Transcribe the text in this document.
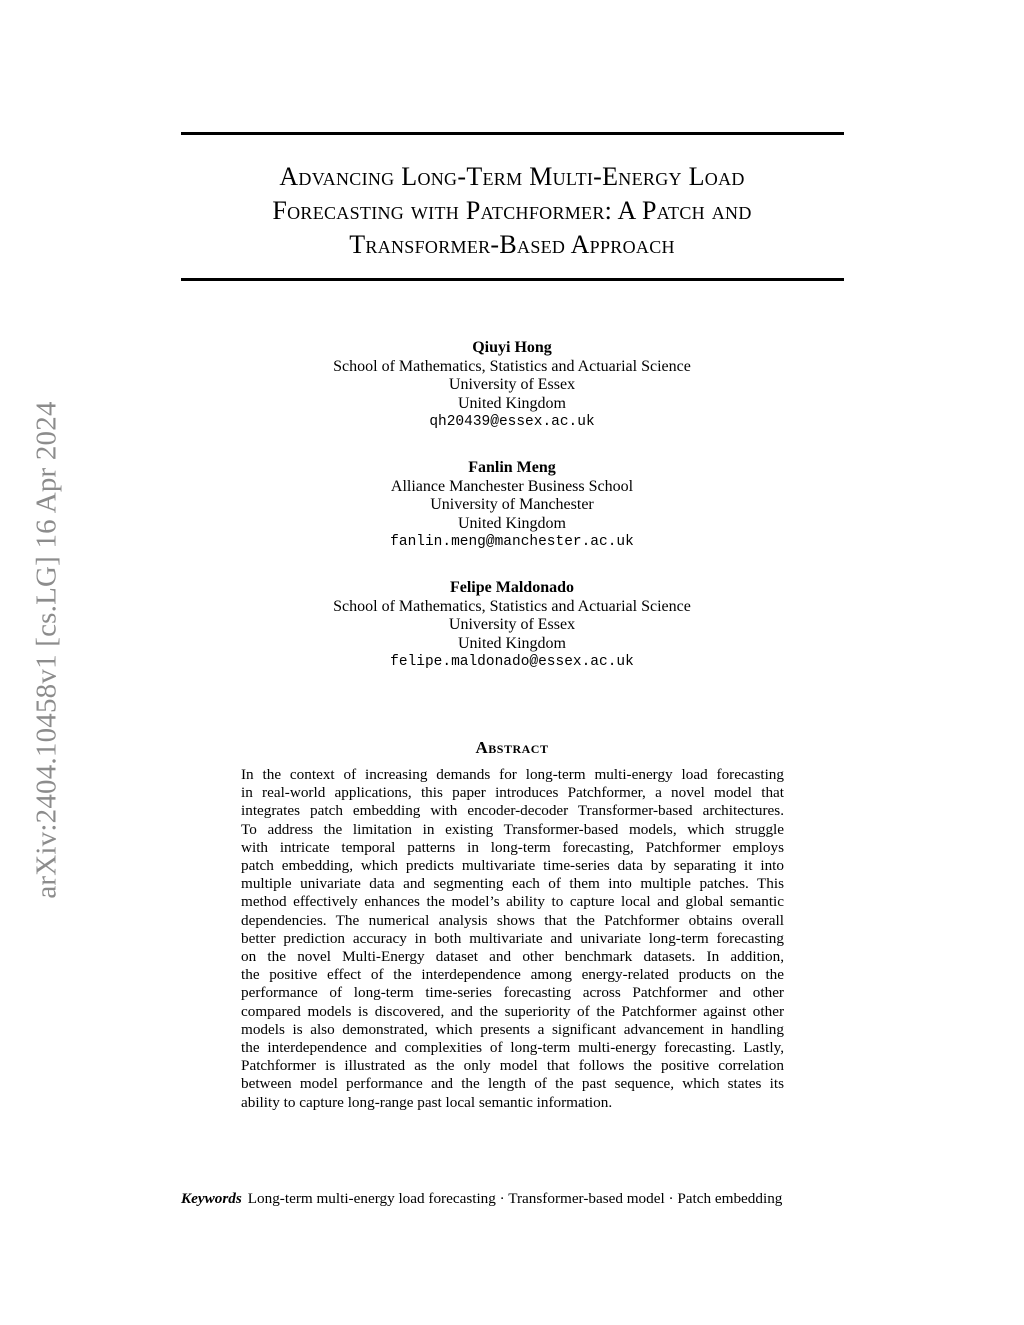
arXiv:2404.10458v1 [cs.LG] 16 Apr 2024
Advancing Long-Term Multi-Energy Load
Forecasting with Patchformer: A Patch and
Transformer-Based Approach
Qiuyi Hong
School of Mathematics, Statistics and Actuarial Science
University of Essex
United Kingdom
qh20439@essex.ac.uk
Fanlin Meng
Alliance Manchester Business School
University of Manchester
United Kingdom
fanlin.meng@manchester.ac.uk
Felipe Maldonado
School of Mathematics, Statistics and Actuarial Science
University of Essex
United Kingdom
felipe.maldonado@essex.ac.uk
Abstract
In the context of increasing demands for long-term multi-energy load forecasting
in real-world applications, this paper introduces Patchformer, a novel model that
integrates patch embedding with encoder-decoder Transformer-based architectures.
To address the limitation in existing Transformer-based models, which struggle
with intricate temporal patterns in long-term forecasting, Patchformer employs
patch embedding, which predicts multivariate time-series data by separating it into
multiple univariate data and segmenting each of them into multiple patches. This
method effectively enhances the model’s ability to capture local and global semantic
dependencies. The numerical analysis shows that the Patchformer obtains overall
better prediction accuracy in both multivariate and univariate long-term forecasting
on the novel Multi-Energy dataset and other benchmark datasets. In addition,
the positive effect of the interdependence among energy-related products on the
performance of long-term time-series forecasting across Patchformer and other
compared models is discovered, and the superiority of the Patchformer against other
models is also demonstrated, which presents a significant advancement in handling
the interdependence and complexities of long-term multi-energy forecasting. Lastly,
Patchformer is illustrated as the only model that follows the positive correlation
between model performance and the length of the past sequence, which states its
ability to capture long-range past local semantic information.
Keywords Long-term multi-energy load forecasting · Transformer-based model · Patch embedding
